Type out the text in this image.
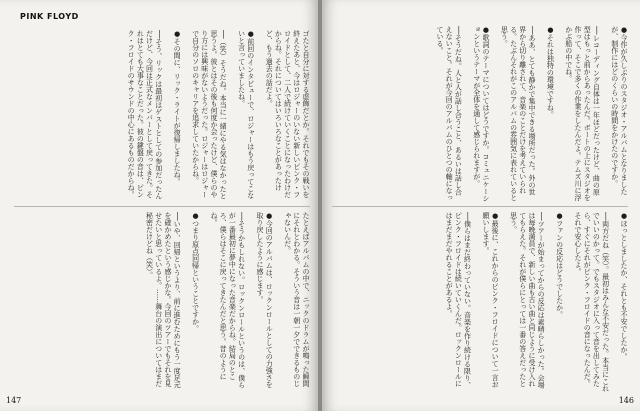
PINK FLOYD
ゴたと自分に対する虚飾だとか。それでもその戦いを終えたあと、今はロジャーのいない新しいピンク・フロイドとして、二人で続けていくことになったわけだからね。それについてはいろいろなことがあったけど、もう過去の話だよ。

●前回のインタビューで、ロジャーはもう戻ってこないと言っていましたね。

──（笑）そうだね。本当に一緒にやる気はなかったと思うよ。彼とはその後も何度か会ったけど、僕らのやり方には興味がないようだった。ロジャーはロジャーで自分のソロのキャリアを追求していたからね。

●その間に、リック・ライトが復帰しましたね。

──そう、リックは最初はゲストとしての参加だったんだけど、今回は正式なメンバーとして戻ってきた。それはとても大事なことだった。彼の鍵盤の音は、ピンク・フロイドのサウンドの中心にあるものだからね。
たとえばアルバムの中で、ニックのドラムが鳴った瞬間にそれとわかる。そういう音は一朝一夕でできるものじゃないんだ。

●今回のアルバムは、ロックンロールとしての力強さを取り戻したように感じます。

──そうかもしれない。ロックンロールというのは、僕らが一番最初に夢中になった音楽だからね。結局のところ、僕らはそこに戻ってきたんだと思う。昔のようにね。

●つまり原点回帰ということですか。

──いや、回帰というより、前に進むためにもう一度足元を確かめたという感じかな。今回のツアーでもそれを見せたいと思っているよ。……舞台の演出についてはまだ秘密だけどね（笑）。
147
●今作が久しぶりのスタジオ・アルバムとなりましたが、制作にはどのくらいの時間をかけたのですか。

──レコーディング自体は一年ほどだったけど、曲の原型はもっと前からあったんだ。ボートの上にスタジオを作って、そこで多くの作業をしたんだよ。テムズ川に浮かぶ船の中でね。

●それは独特の環境ですね。

──ああ、とても静かで集中できる場所だった。外の世界から切り離されて、音楽のことだけを考えていられる。たぶんそれがこのアルバムの雰囲気に表れていると思う。

●歌詞のテーマについてはどうですか。コミュニケーションというテーマが全体を通して感じられますが。

──そうだね。人と人が話し合うこと、あるいは話し合えないこと。それが今回のアルバムのひとつの軸になっている。
●ほっとしましたか、それとも不安でしたか。

──両方だね（笑）。最初はみんな不安だった。本当にこれでいいのかって。でもスタジオに入って音を出してみたら、すぐにそれがピンク・フロイドの音になったんだ。それで安心したよ。

●ファンの反応はどうでしたか。

──ツアーが始まってからの反応は素晴らしかった。会場は毎晩満員で、新しい曲も古い曲と同じように受け入れてもらえた。それが僕らにとっては一番の答えだったと思う。

●最後に、これからのピンク・フロイドについて一言お願いします。

──僕らはまだ終わっていない。音楽を作り続ける限り、ピンク・フロイドは続いていくんだ。ロックンロールにはまだまだやれることがあるよ。
146
